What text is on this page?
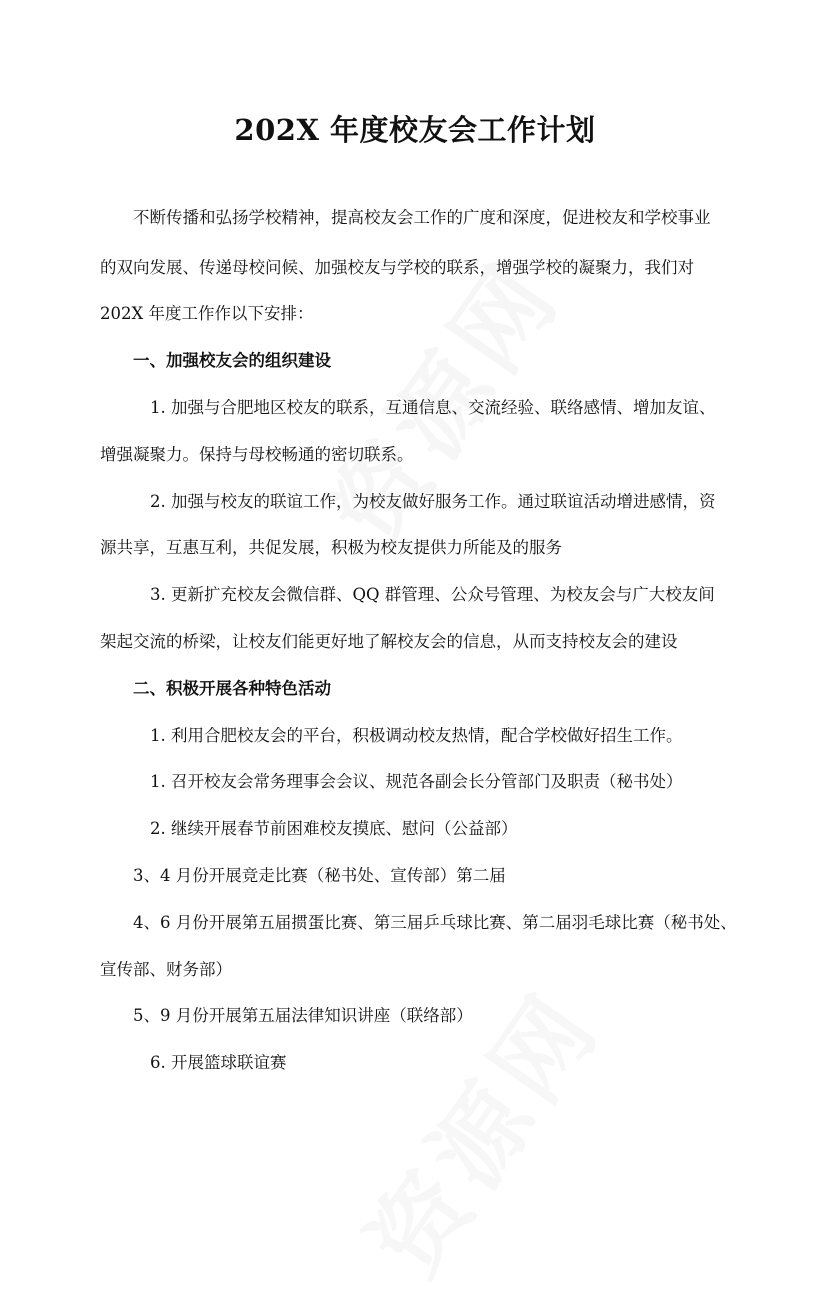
202X 年度校友会工作计划
不断传播和弘扬学校精神，提高校友会工作的广度和深度，促进校友和学校事业
的双向发展、传递母校问候、加强校友与学校的联系，增强学校的凝聚力，我们对
202X 年度工作作以下安排：
一、加强校友会的组织建设
1. 加强与合肥地区校友的联系，互通信息、交流经验、联络感情、增加友谊、
增强凝聚力。保持与母校畅通的密切联系。
2. 加强与校友的联谊工作，为校友做好服务工作。通过联谊活动增进感情，资
源共享，互惠互利，共促发展，积极为校友提供力所能及的服务
3. 更新扩充校友会微信群、QQ 群管理、公众号管理、为校友会与广大校友间
架起交流的桥梁，让校友们能更好地了解校友会的信息，从而支持校友会的建设
二、积极开展各种特色活动
1. 利用合肥校友会的平台，积极调动校友热情，配合学校做好招生工作。
1. 召开校友会常务理事会会议、规范各副会长分管部门及职责（秘书处）
2. 继续开展春节前困难校友摸底、慰问（公益部）
3、4 月份开展竞走比赛（秘书处、宣传部）第二届
4、6 月份开展第五届掼蛋比赛、第三届乒乓球比赛、第二届羽毛球比赛（秘书处、
宣传部、财务部）
5、9 月份开展第五届法律知识讲座（联络部）
6. 开展篮球联谊赛
